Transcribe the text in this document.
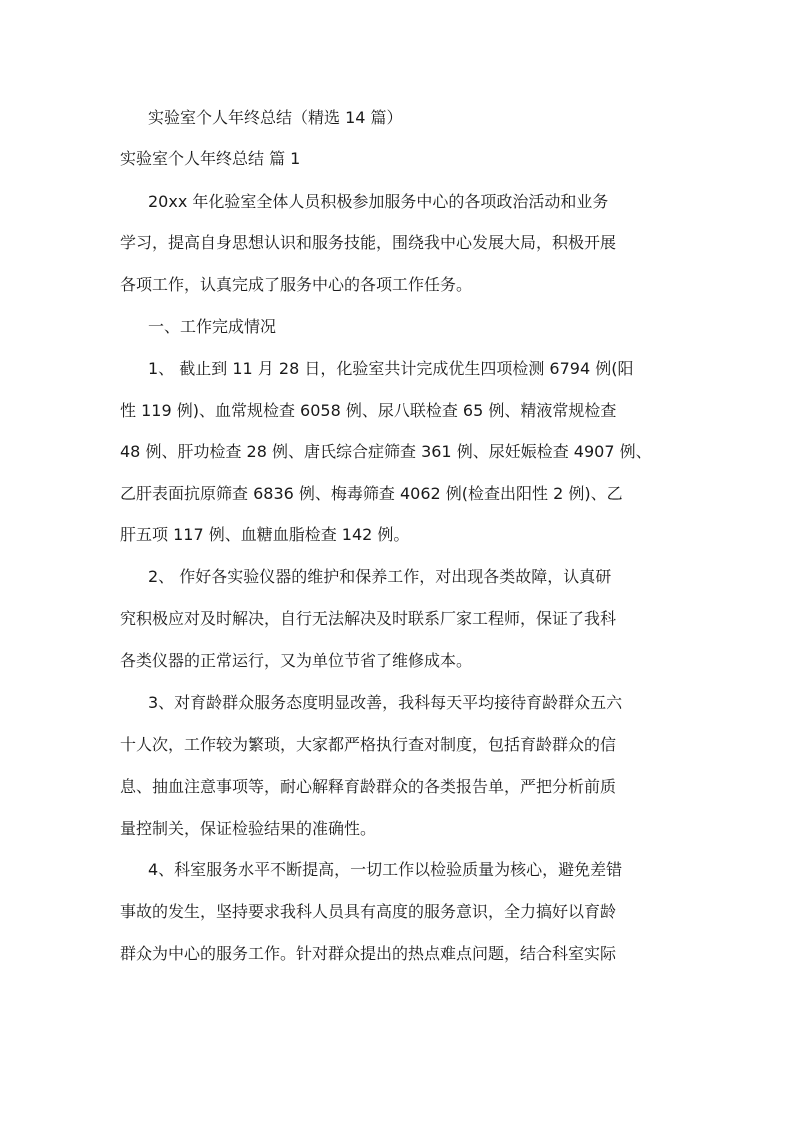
实验室个人年终总结（精选 14 篇）
实验室个人年终总结 篇 1
20xx 年化验室全体人员积极参加服务中心的各项政治活动和业务
学习，提高自身思想认识和服务技能，围绕我中心发展大局，积极开展
各项工作，认真完成了服务中心的各项工作任务。
一、工作完成情况
1、 截止到 11 月 28 日，化验室共计完成优生四项检测 6794 例(阳
性 119 例)、血常规检查 6058 例、尿八联检查 65 例、精液常规检查
48 例、肝功检查 28 例、唐氏综合症筛查 361 例、尿妊娠检查 4907 例、
乙肝表面抗原筛查 6836 例、梅毒筛查 4062 例(检查出阳性 2 例)、乙
肝五项 117 例、血糖血脂检查 142 例。
2、 作好各实验仪器的维护和保养工作，对出现各类故障，认真研
究积极应对及时解决，自行无法解决及时联系厂家工程师，保证了我科
各类仪器的正常运行，又为单位节省了维修成本。
3、对育龄群众服务态度明显改善，我科每天平均接待育龄群众五六
十人次，工作较为繁琐，大家都严格执行查对制度，包括育龄群众的信
息、抽血注意事项等，耐心解释育龄群众的各类报告单，严把分析前质
量控制关，保证检验结果的准确性。
4、科室服务水平不断提高，一切工作以检验质量为核心，避免差错
事故的发生，坚持要求我科人员具有高度的服务意识，全力搞好以育龄
群众为中心的服务工作。针对群众提出的热点难点问题，结合科室实际
